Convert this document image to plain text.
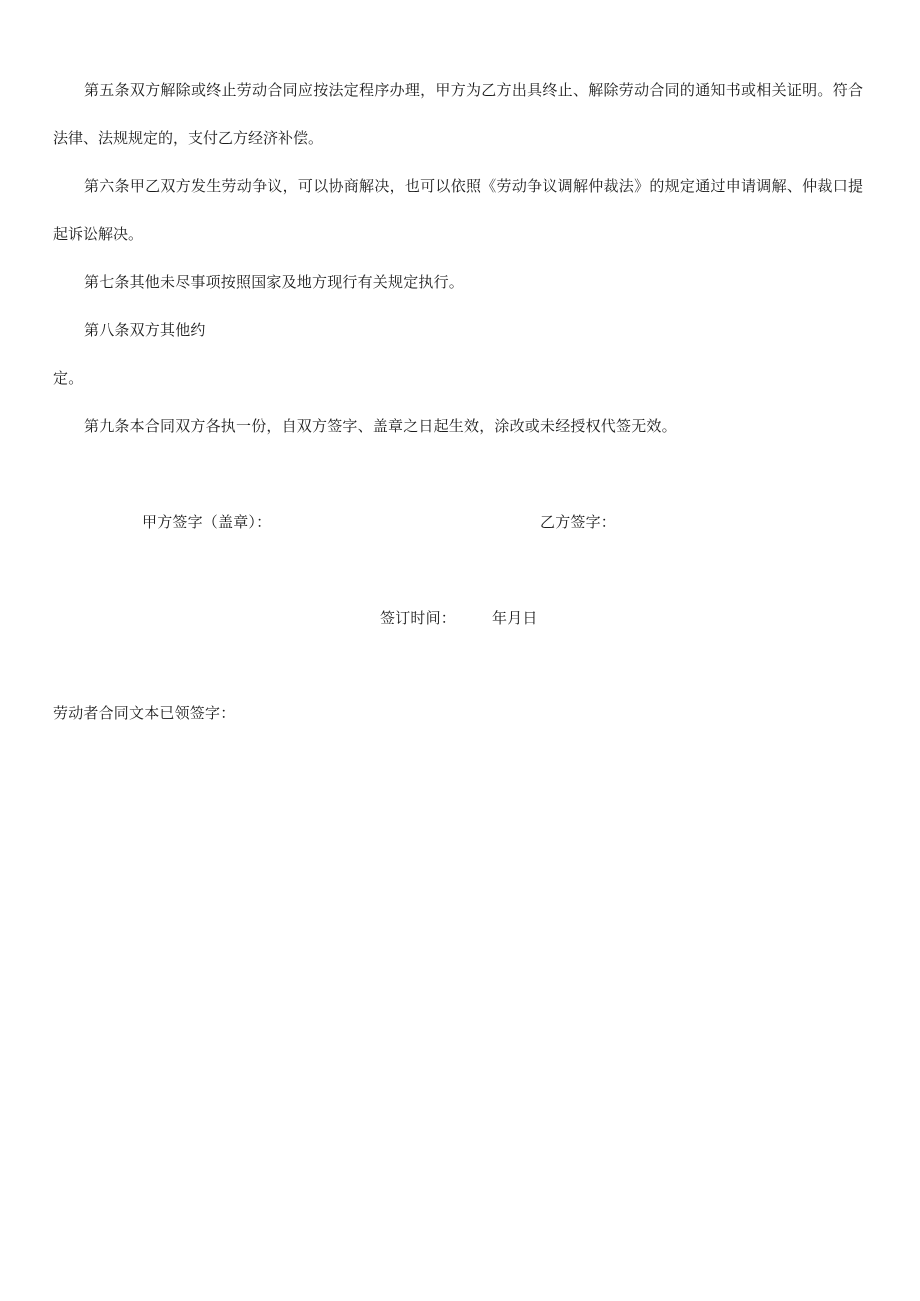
第五条双方解除或终止劳动合同应按法定程序办理，甲方为乙方出具终止、解除劳动合同的通知书或相关证明。符合法律、法规规定的，支付乙方经济补偿。

第六条甲乙双方发生劳动争议，可以协商解决，也可以依照《劳动争议调解仲裁法》的规定通过申请调解、仲裁口提起诉讼解决。

第七条其他未尽事项按照国家及地方现行有关规定执行。
第八条双方其他约
定。
第九条本合同双方各执一份，自双方签字、盖章之日起生效，涂改或未经授权代签无效。
甲方签字（盖章）：	乙方签字：
签订时间： 年月日
劳动者合同文本已领签字：
